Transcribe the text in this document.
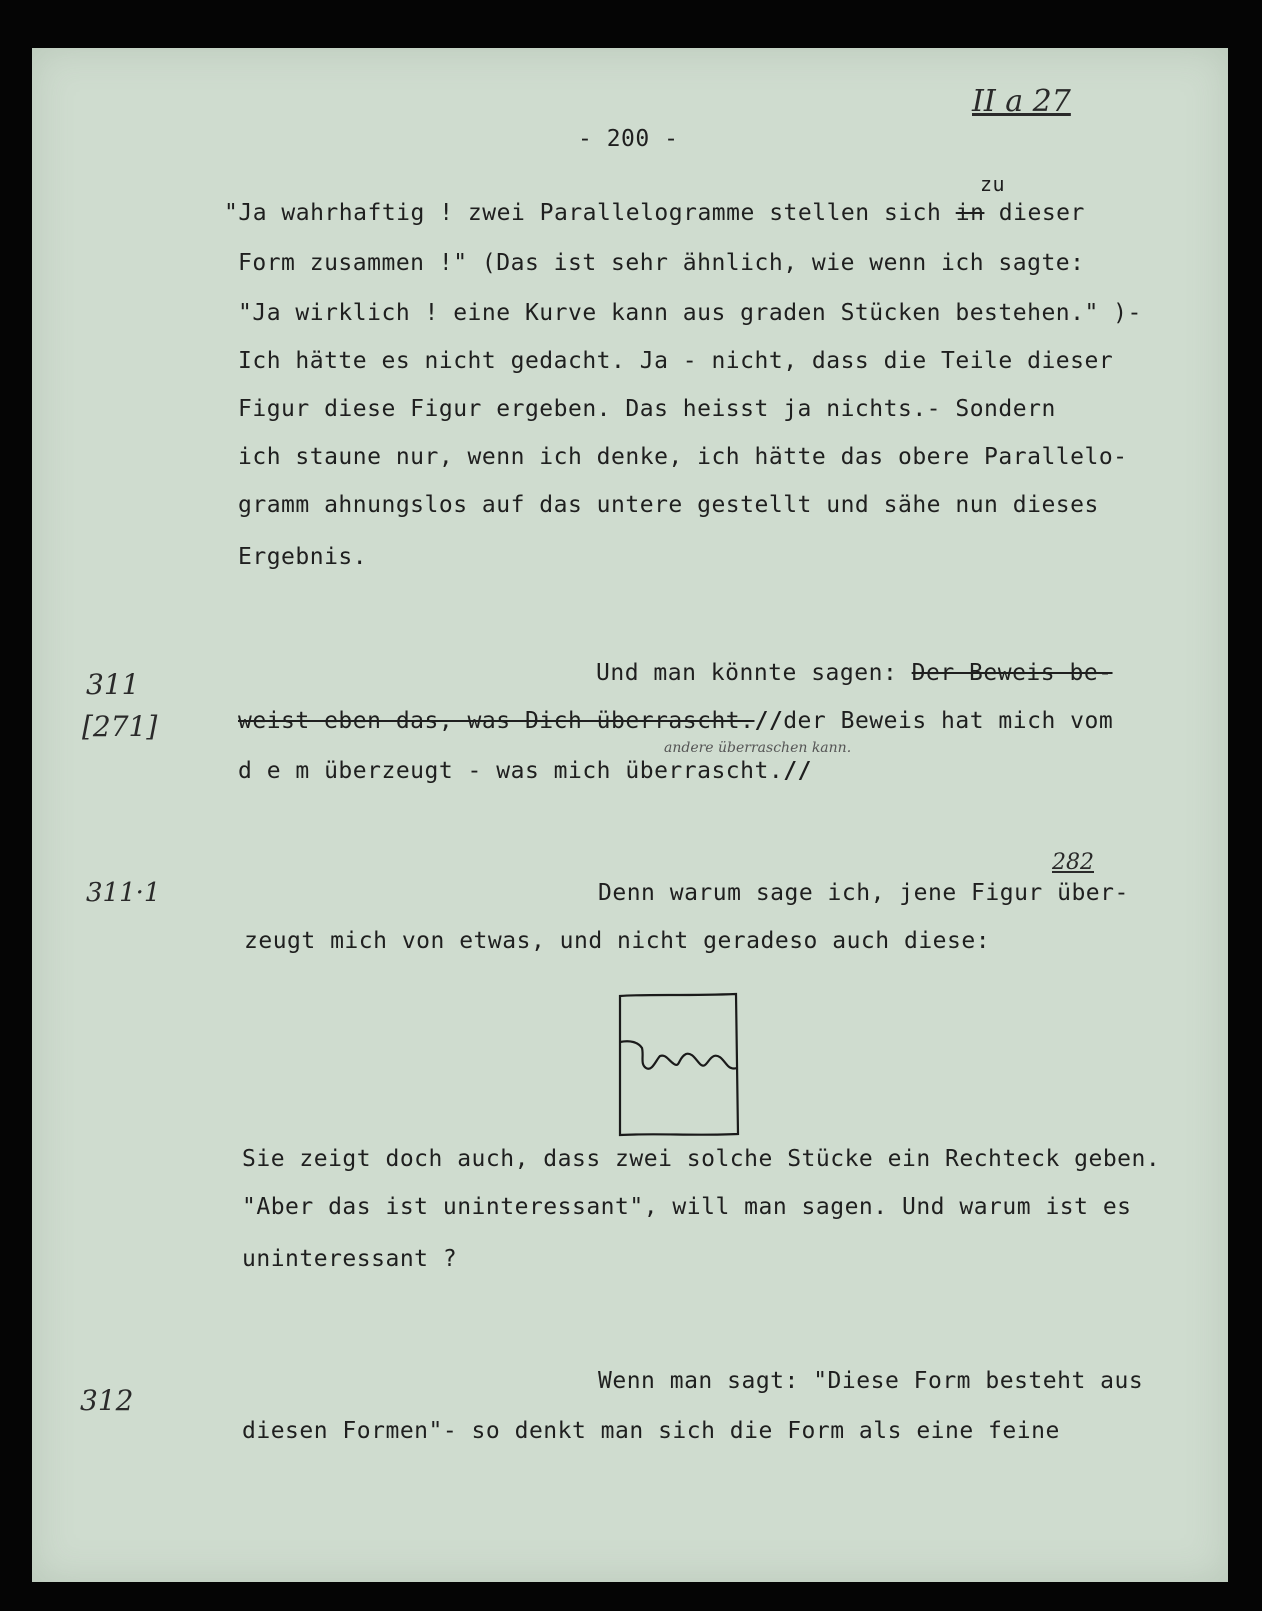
II a 27
- 200 -
zu
"Ja wahrhaftig ! zwei Parallelogramme stellen sich in dieser
Form zusammen !" (Das ist sehr ähnlich, wie wenn ich sagte:
"Ja wirklich ! eine Kurve kann aus graden Stücken bestehen." )-
Ich hätte es nicht gedacht. Ja - nicht, dass die Teile dieser
Figur diese Figur ergeben. Das heisst ja nichts.- Sondern
ich staune nur, wenn ich denke, ich hätte das obere Parallelo-
gramm ahnungslos auf das untere gestellt und sähe nun dieses
Ergebnis.
311
[271]
Und man könnte sagen: Der Beweis be-
weist eben das, was Dich überrascht.//der Beweis hat mich vom
andere überraschen kann.
d e m überzeugt - was mich überrascht.//
311·1
282
Denn warum sage ich, jene Figur über-
zeugt mich von etwas, und nicht geradeso auch diese:
Sie zeigt doch auch, dass zwei solche Stücke ein Rechteck geben.
"Aber das ist uninteressant", will man sagen. Und warum ist es
uninteressant ?
312
Wenn man sagt: "Diese Form besteht aus
diesen Formen"- so denkt man sich die Form als eine feine
